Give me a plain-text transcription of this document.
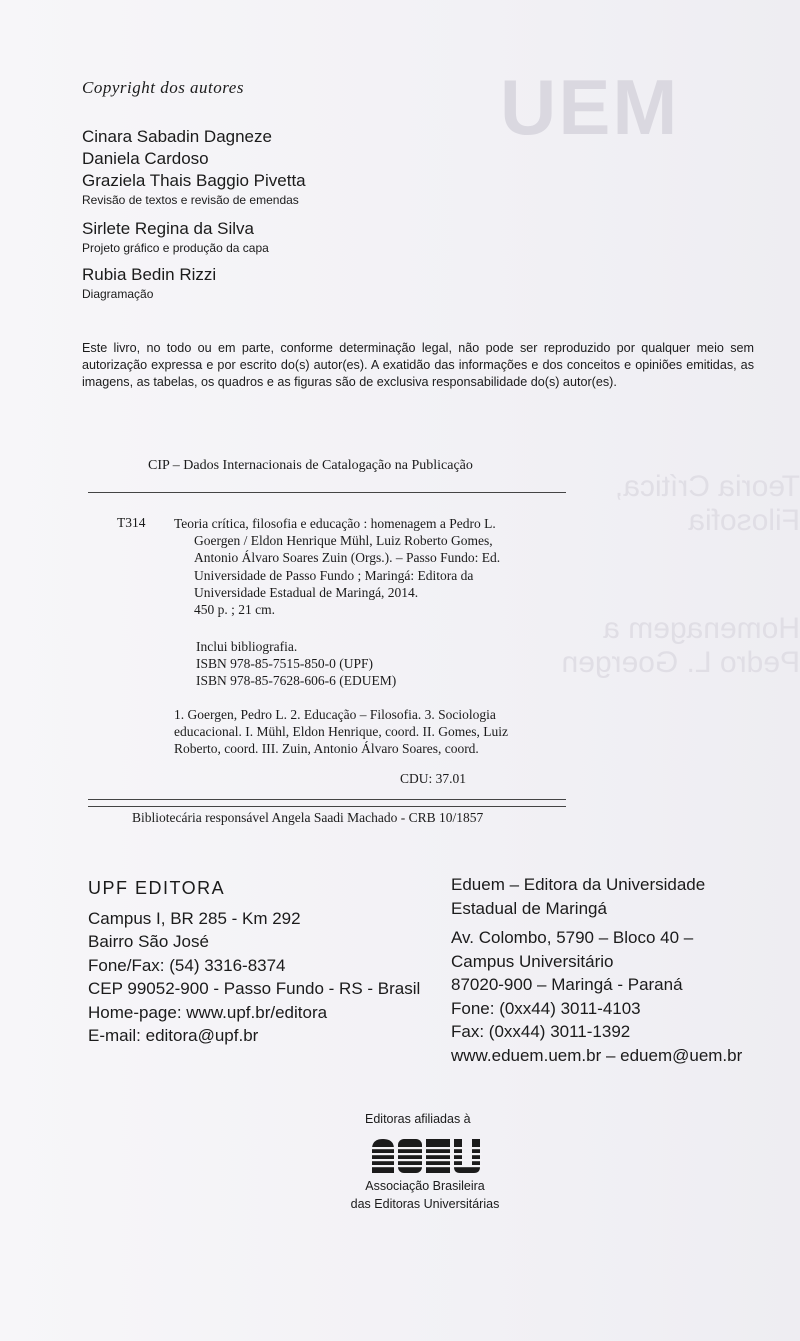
UEM
Teoria Crítica, Filosofia
Homenagem a Pedro L. Goergen
Copyright dos autores
Cinara Sabadin Dagneze
Daniela Cardoso
Graziela Thais Baggio Pivetta
Revisão de textos e revisão de emendas
Sirlete Regina da Silva
Projeto gráfico e produção da capa
Rubia Bedin Rizzi
Diagramação
Este livro, no todo ou em parte, conforme determinação legal, não pode ser reproduzido por qualquer meio sem autorização expressa e por escrito do(s) autor(es). A exatidão das informações e dos conceitos e opiniões emitidas, as imagens, as tabelas, os quadros e as figuras são de exclusiva responsabilidade do(s) autor(es).
CIP – Dados Internacionais de Catalogação na Publicação
T314 Teoria crítica, filosofia e educação : homenagem a Pedro L.
Goergen / Eldon Henrique Mühl, Luiz Roberto Gomes,
Antonio Álvaro Soares Zuin (Orgs.). – Passo Fundo: Ed.
Universidade de Passo Fundo ; Maringá: Editora da
Universidade Estadual de Maringá, 2014.
450 p. ; 21 cm.
Inclui bibliografia.
ISBN 978-85-7515-850-0 (UPF)
ISBN 978-85-7628-606-6 (EDUEM)
1. Goergen, Pedro L. 2. Educação – Filosofia. 3. Sociologia
educacional. I. Mühl, Eldon Henrique, coord. II. Gomes, Luiz
Roberto, coord. III. Zuin, Antonio Álvaro Soares, coord.
CDU: 37.01
Bibliotecária responsável Angela Saadi Machado - CRB 10/1857
UPF EDITORA
Campus I, BR 285 - Km 292
Bairro São José
Fone/Fax: (54) 3316-8374
CEP 99052-900 - Passo Fundo - RS - Brasil
Home-page: www.upf.br/editora
E-mail: editora@upf.br
Eduem – Editora da Universidade
Estadual de Maringá
Av. Colombo, 5790 – Bloco 40 –
Campus Universitário
87020-900 – Maringá - Paraná
Fone: (0xx44) 3011-4103
Fax: (0xx44) 3011-1392
www.eduem.uem.br – eduem@uem.br
Editoras afiliadas à
Associação Brasileira
das Editoras Universitárias
